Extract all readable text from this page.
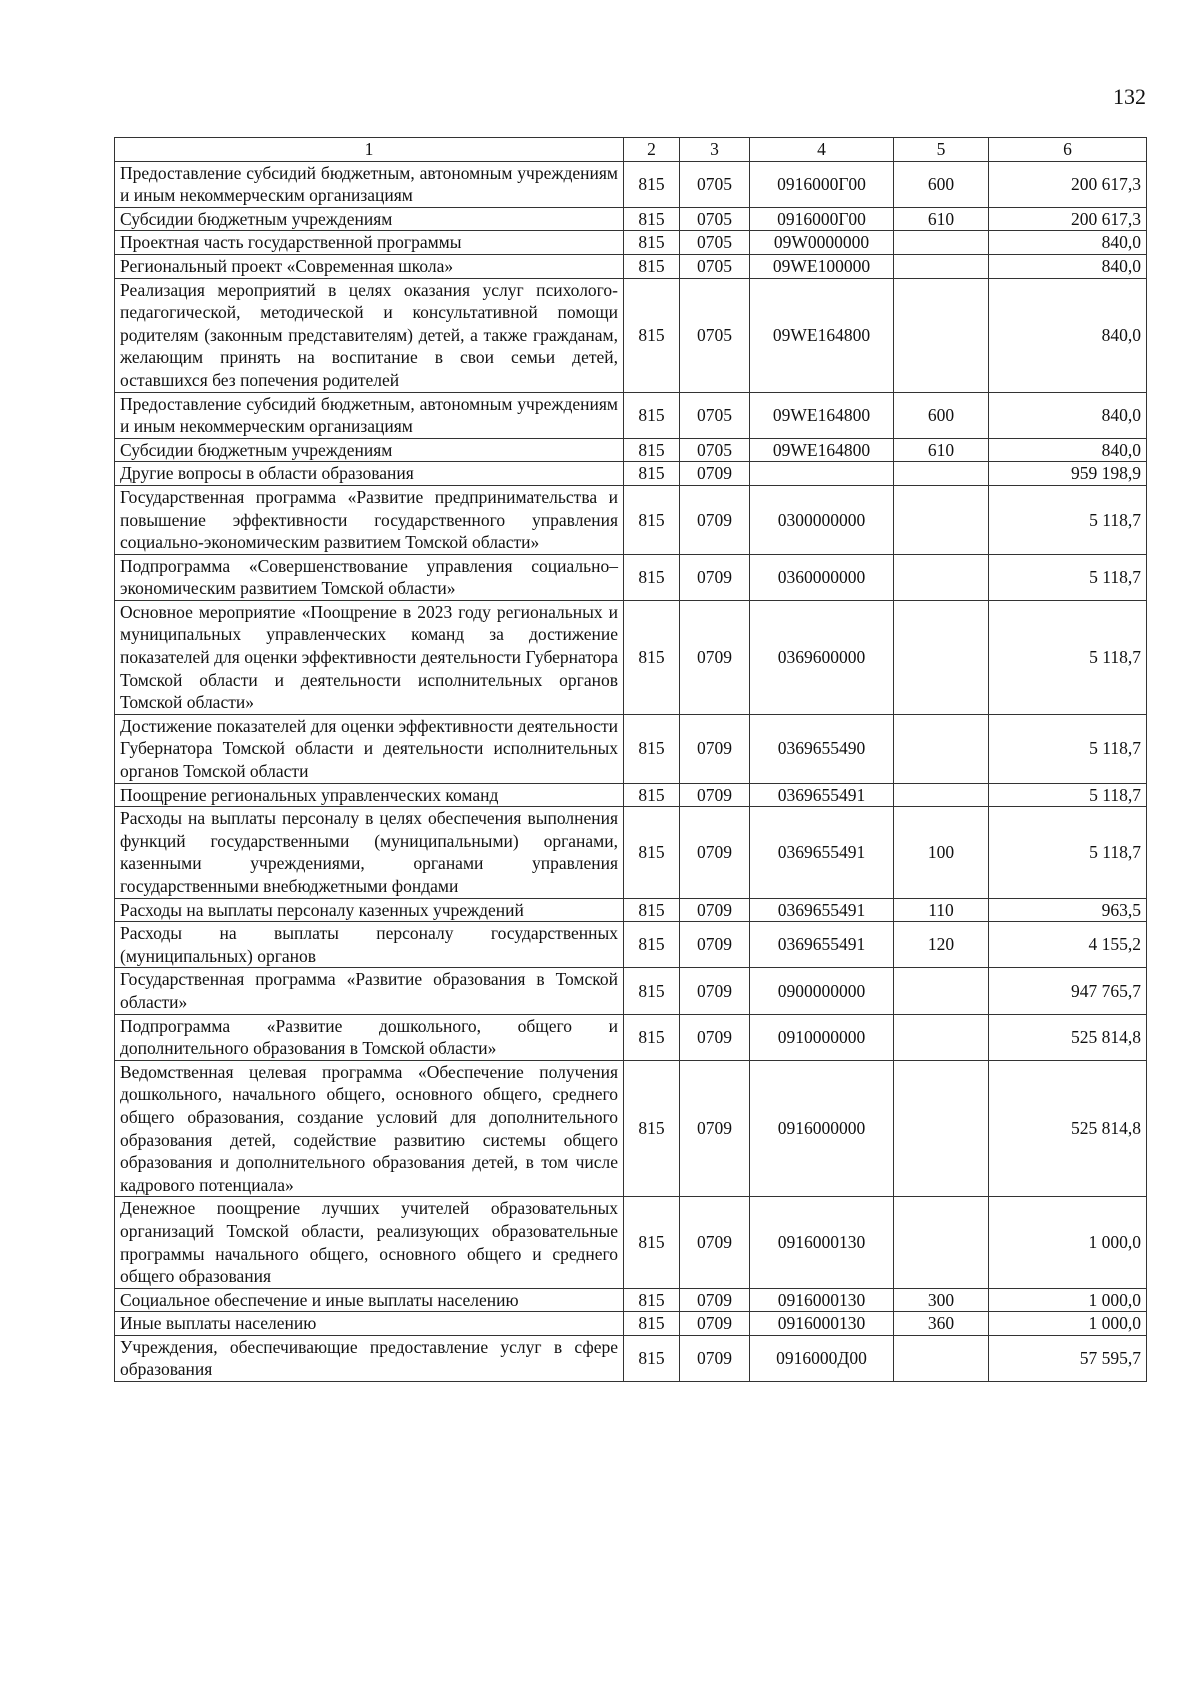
132
1	2	3	4	5	6
Предоставление субсидий бюджетным, автономным учреждениям и иным некоммерческим организациям	815	0705	0916000Г00	600	200 617,3
Субсидии бюджетным учреждениям	815	0705	0916000Г00	610	200 617,3
Проектная часть государственной программы	815	0705	09W0000000		840,0
Региональный проект «Современная школа»	815	0705	09WE100000		840,0
Реализация мероприятий в целях оказания услуг психолого-педагогической, методической и консультативной помощи родителям (законным представителям) детей, а также гражданам, желающим принять на воспитание в свои семьи детей, оставшихся без попечения родителей	815	0705	09WE164800		840,0
Предоставление субсидий бюджетным, автономным учреждениям и иным некоммерческим организациям	815	0705	09WE164800	600	840,0
Субсидии бюджетным учреждениям	815	0705	09WE164800	610	840,0
Другие вопросы в области образования	815	0709			959 198,9
Государственная программа «Развитие предпринимательства и повышение эффективности государственного управления социально-экономическим развитием Томской области»	815	0709	0300000000		5 118,7
Подпрограмма «Совершенствование управления социально–экономическим развитием Томской области»	815	0709	0360000000		5 118,7
Основное мероприятие «Поощрение в 2023 году региональных и муниципальных управленческих команд за достижение показателей для оценки эффективности деятельности Губернатора Томской области и деятельности исполнительных органов Томской области»	815	0709	0369600000		5 118,7
Достижение показателей для оценки эффективности деятельности Губернатора Томской области и деятельности исполнительных органов Томской области	815	0709	0369655490		5 118,7
Поощрение региональных управленческих команд	815	0709	0369655491		5 118,7
Расходы на выплаты персоналу в целях обеспечения выполнения функций государственными (муниципальными) органами, казенными учреждениями, органами управления государственными внебюджетными фондами	815	0709	0369655491	100	5 118,7
Расходы на выплаты персоналу казенных учреждений	815	0709	0369655491	110	963,5
Расходы на выплаты персоналу государственных (муниципальных) органов	815	0709	0369655491	120	4 155,2
Государственная программа «Развитие образования в Томской области»	815	0709	0900000000		947 765,7
Подпрограмма «Развитие дошкольного, общего и дополнительного образования в Томской области»	815	0709	0910000000		525 814,8
Ведомственная целевая программа «Обеспечение получения дошкольного, начального общего, основного общего, среднего общего образования, создание условий для дополнительного образования детей, содействие развитию системы общего образования и дополнительного образования детей, в том числе кадрового потенциала»	815	0709	0916000000		525 814,8
Денежное поощрение лучших учителей образовательных организаций Томской области, реализующих образовательные программы начального общего, основного общего и среднего общего образования	815	0709	0916000130		1 000,0
Социальное обеспечение и иные выплаты населению	815	0709	0916000130	300	1 000,0
Иные выплаты населению	815	0709	0916000130	360	1 000,0
Учреждения, обеспечивающие предоставление услуг в сфере образования	815	0709	0916000Д00		57 595,7
